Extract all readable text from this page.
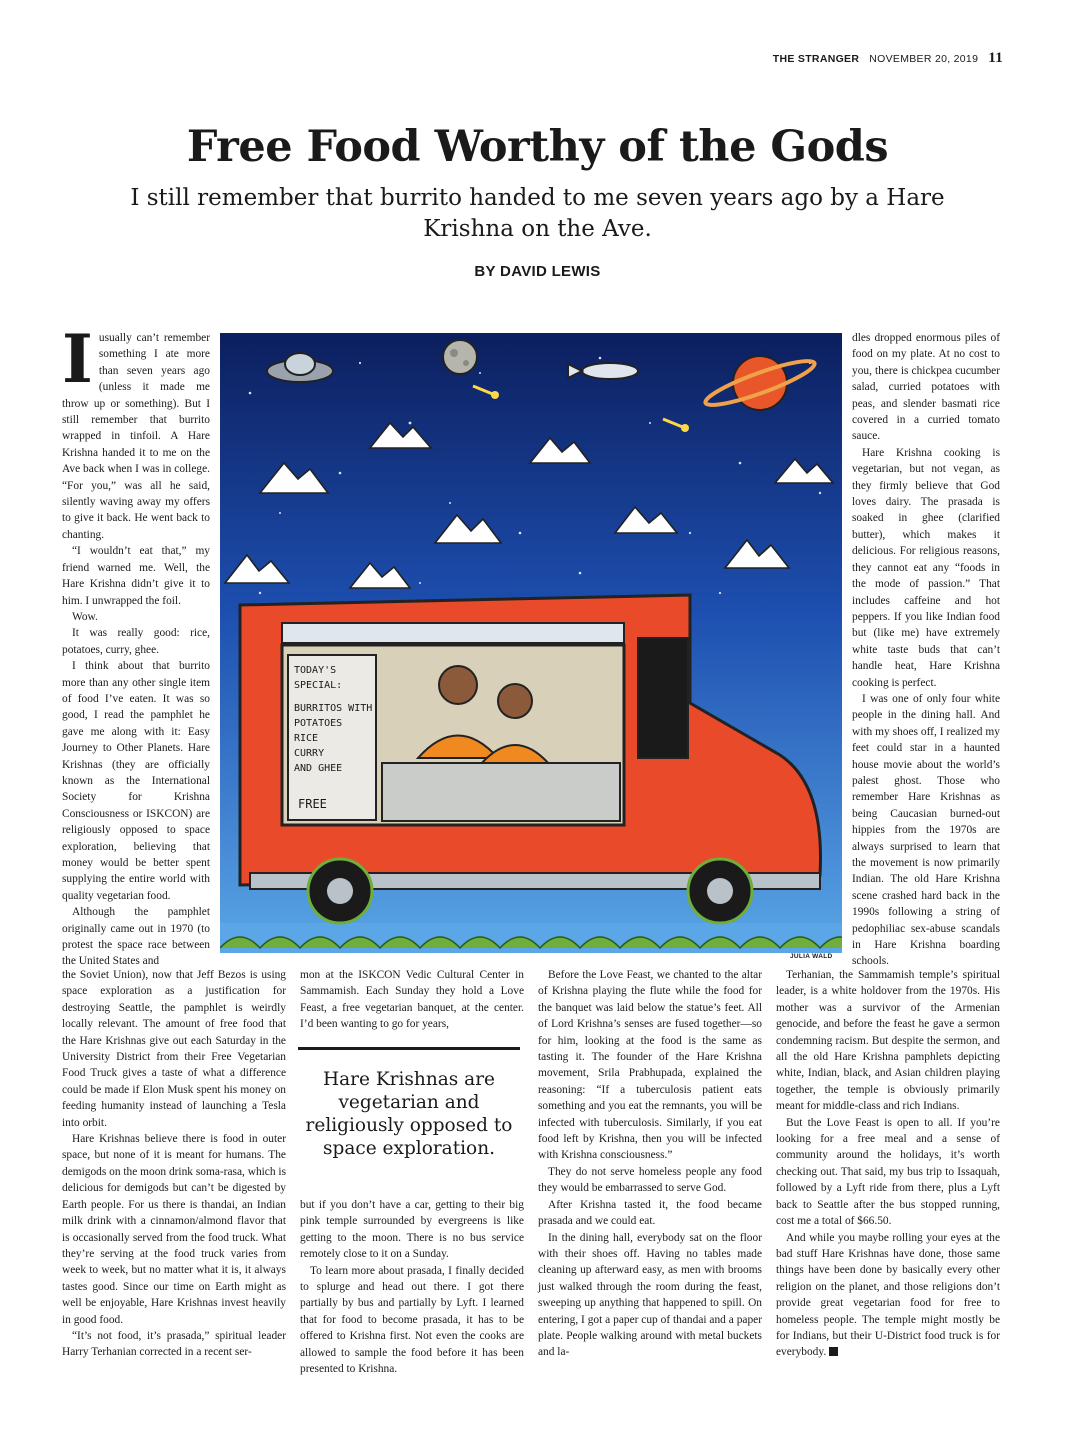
THE STRANGER NOVEMBER 20, 2019 11
Free Food Worthy of the Gods
I still remember that burrito handed to me seven years ago by a Hare Krishna on the Ave.
BY DAVID LEWIS

Iusually can’t remember something I ate more than seven years ago (unless it made me throw up or something). But I still remember that burrito wrapped in tinfoil. A Hare Krishna handed it to me on the Ave back when I was in college. “For you,” was all he said, silently waving away my offers to give it back. He went back to chanting.

“I wouldn’t eat that,” my friend warned me. Well, the Hare Krishna didn’t give it to him. I unwrapped the foil.

Wow.

It was really good: rice, potatoes, curry, ghee.

I think about that burrito more than any other single item of food I’ve eaten. It was so good, I read the pamphlet he gave me along with it: Easy Journey to Other Planets. Hare Krishnas (they are officially known as the International Society for Krishna Consciousness or ISKCON) are religiously opposed to space exploration, believing that money would be better spent supplying the entire world with quality vegetarian food.

Although the pamphlet originally came out in 1970 (to protest the space race between the United States and

TODAY'S
SPECIAL:
BURRITOS WITH
POTATOES
RICE
CURRY
AND GHEE
FREE
JULIA WALD

dles dropped enormous piles of food on my plate. At no cost to you, there is chickpea cucumber salad, curried potatoes with peas, and slender basmati rice covered in a curried tomato sauce.

Hare Krishna cooking is vegetarian, but not vegan, as they firmly believe that God loves dairy. The prasada is soaked in ghee (clarified butter), which makes it delicious. For religious reasons, they cannot eat any “foods in the mode of passion.” That includes caffeine and hot peppers. If you like Indian food but (like me) have extremely white taste buds that can’t handle heat, Hare Krishna cooking is perfect.

I was one of only four white people in the dining hall. And with my shoes off, I realized my feet could star in a haunted house movie about the world’s palest ghost. Those who remember Hare Krishnas as being Caucasian burned-out hippies from the 1970s are always surprised to learn that the movement is now primarily Indian. The old Hare Krishna scene crashed hard back in the 1990s following a string of pedophiliac sex-abuse scandals in Hare Krishna boarding schools.

the Soviet Union), now that Jeff Bezos is using space exploration as a justification for destroying Seattle, the pamphlet is weirdly locally relevant. The amount of free food that the Hare Krishnas give out each Saturday in the University District from their Free Vegetarian Food Truck gives a taste of what a difference could be made if Elon Musk spent his money on feeding humanity instead of launching a Tesla into orbit.

Hare Krishnas believe there is food in outer space, but none of it is meant for humans. The demigods on the moon drink soma-rasa, which is delicious for demigods but can’t be digested by Earth people. For us there is thandai, an Indian milk drink with a cinnamon/almond flavor that is occasionally served from the food truck. What they’re serving at the food truck varies from week to week, but no matter what it is, it always tastes good. Since our time on Earth might as well be enjoyable, Hare Krishnas invest heavily in good food.

“It’s not food, it’s prasada,” spiritual leader Harry Terhanian corrected in a recent ser-

mon at the ISKCON Vedic Cultural Center in Sammamish. Each Sunday they hold a Love Feast, a free vegetarian banquet, at the center. I’d been wanting to go for years,

Hare Krishnas are vegetarian and religiously opposed to space exploration.

but if you don’t have a car, getting to their big pink temple surrounded by evergreens is like getting to the moon. There is no bus service remotely close to it on a Sunday.

To learn more about prasada, I finally decided to splurge and head out there. I got there partially by bus and partially by Lyft. I learned that for food to become prasada, it has to be offered to Krishna first. Not even the cooks are allowed to sample the food before it has been presented to Krishna.

Before the Love Feast, we chanted to the altar of Krishna playing the flute while the food for the banquet was laid below the statue’s feet. All of Lord Krishna’s senses are fused together—so for him, looking at the food is the same as tasting it. The founder of the Hare Krishna movement, Srila Prabhupada, explained the reasoning: “If a tuberculosis patient eats something and you eat the remnants, you will be infected with tuberculosis. Similarly, if you eat food left by Krishna, then you will be infected with Krishna consciousness.”

They do not serve homeless people any food they would be embarrassed to serve God.

After Krishna tasted it, the food became prasada and we could eat.

In the dining hall, everybody sat on the floor with their shoes off. Having no tables made cleaning up afterward easy, as men with brooms just walked through the room during the feast, sweeping up anything that happened to spill. On entering, I got a paper cup of thandai and a paper plate. People walking around with metal buckets and la-

Terhanian, the Sammamish temple’s spiritual leader, is a white holdover from the 1970s. His mother was a survivor of the Armenian genocide, and before the feast he gave a sermon condemning racism. But despite the sermon, and all the old Hare Krishna pamphlets depicting white, Indian, black, and Asian children playing together, the temple is obviously primarily meant for middle-class and rich Indians.

But the Love Feast is open to all. If you’re looking for a free meal and a sense of community around the holidays, it’s worth checking out. That said, my bus trip to Issaquah, followed by a Lyft ride from there, plus a Lyft back to Seattle after the bus stopped running, cost me a total of $66.50.

And while you maybe rolling your eyes at the bad stuff Hare Krishnas have done, those same things have been done by basically every other religion on the planet, and those religions don’t provide great vegetarian food for free to homeless people. The temple might mostly be for Indians, but their U-District food truck is for everybody.
